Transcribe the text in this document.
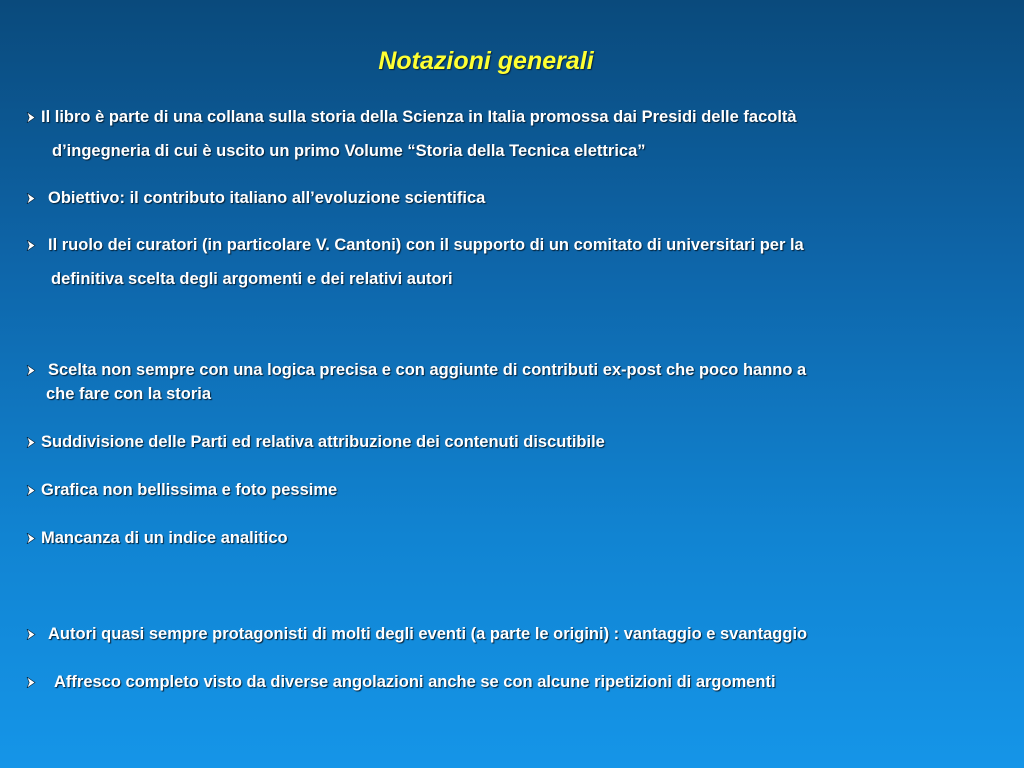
Notazioni generali
Il libro è parte di una collana sulla storia della Scienza in Italia promossa dai Presidi delle facoltà
d’ingegneria di cui è uscito un primo Volume “Storia della Tecnica elettrica”
Obiettivo: il contributo italiano all’evoluzione scientifica
Il ruolo dei curatori (in particolare V. Cantoni) con il supporto di un comitato di universitari per la
definitiva scelta degli argomenti e dei relativi autori
Scelta non sempre con una logica precisa e con aggiunte di contributi ex-post che poco hanno a
che fare con la storia
Suddivisione delle Parti ed relativa attribuzione dei contenuti discutibile
Grafica non bellissima e foto pessime
Mancanza di un indice analitico
Autori quasi sempre protagonisti di molti degli eventi (a parte le origini) : vantaggio e svantaggio
Affresco completo visto da diverse angolazioni anche se con alcune ripetizioni di argomenti
